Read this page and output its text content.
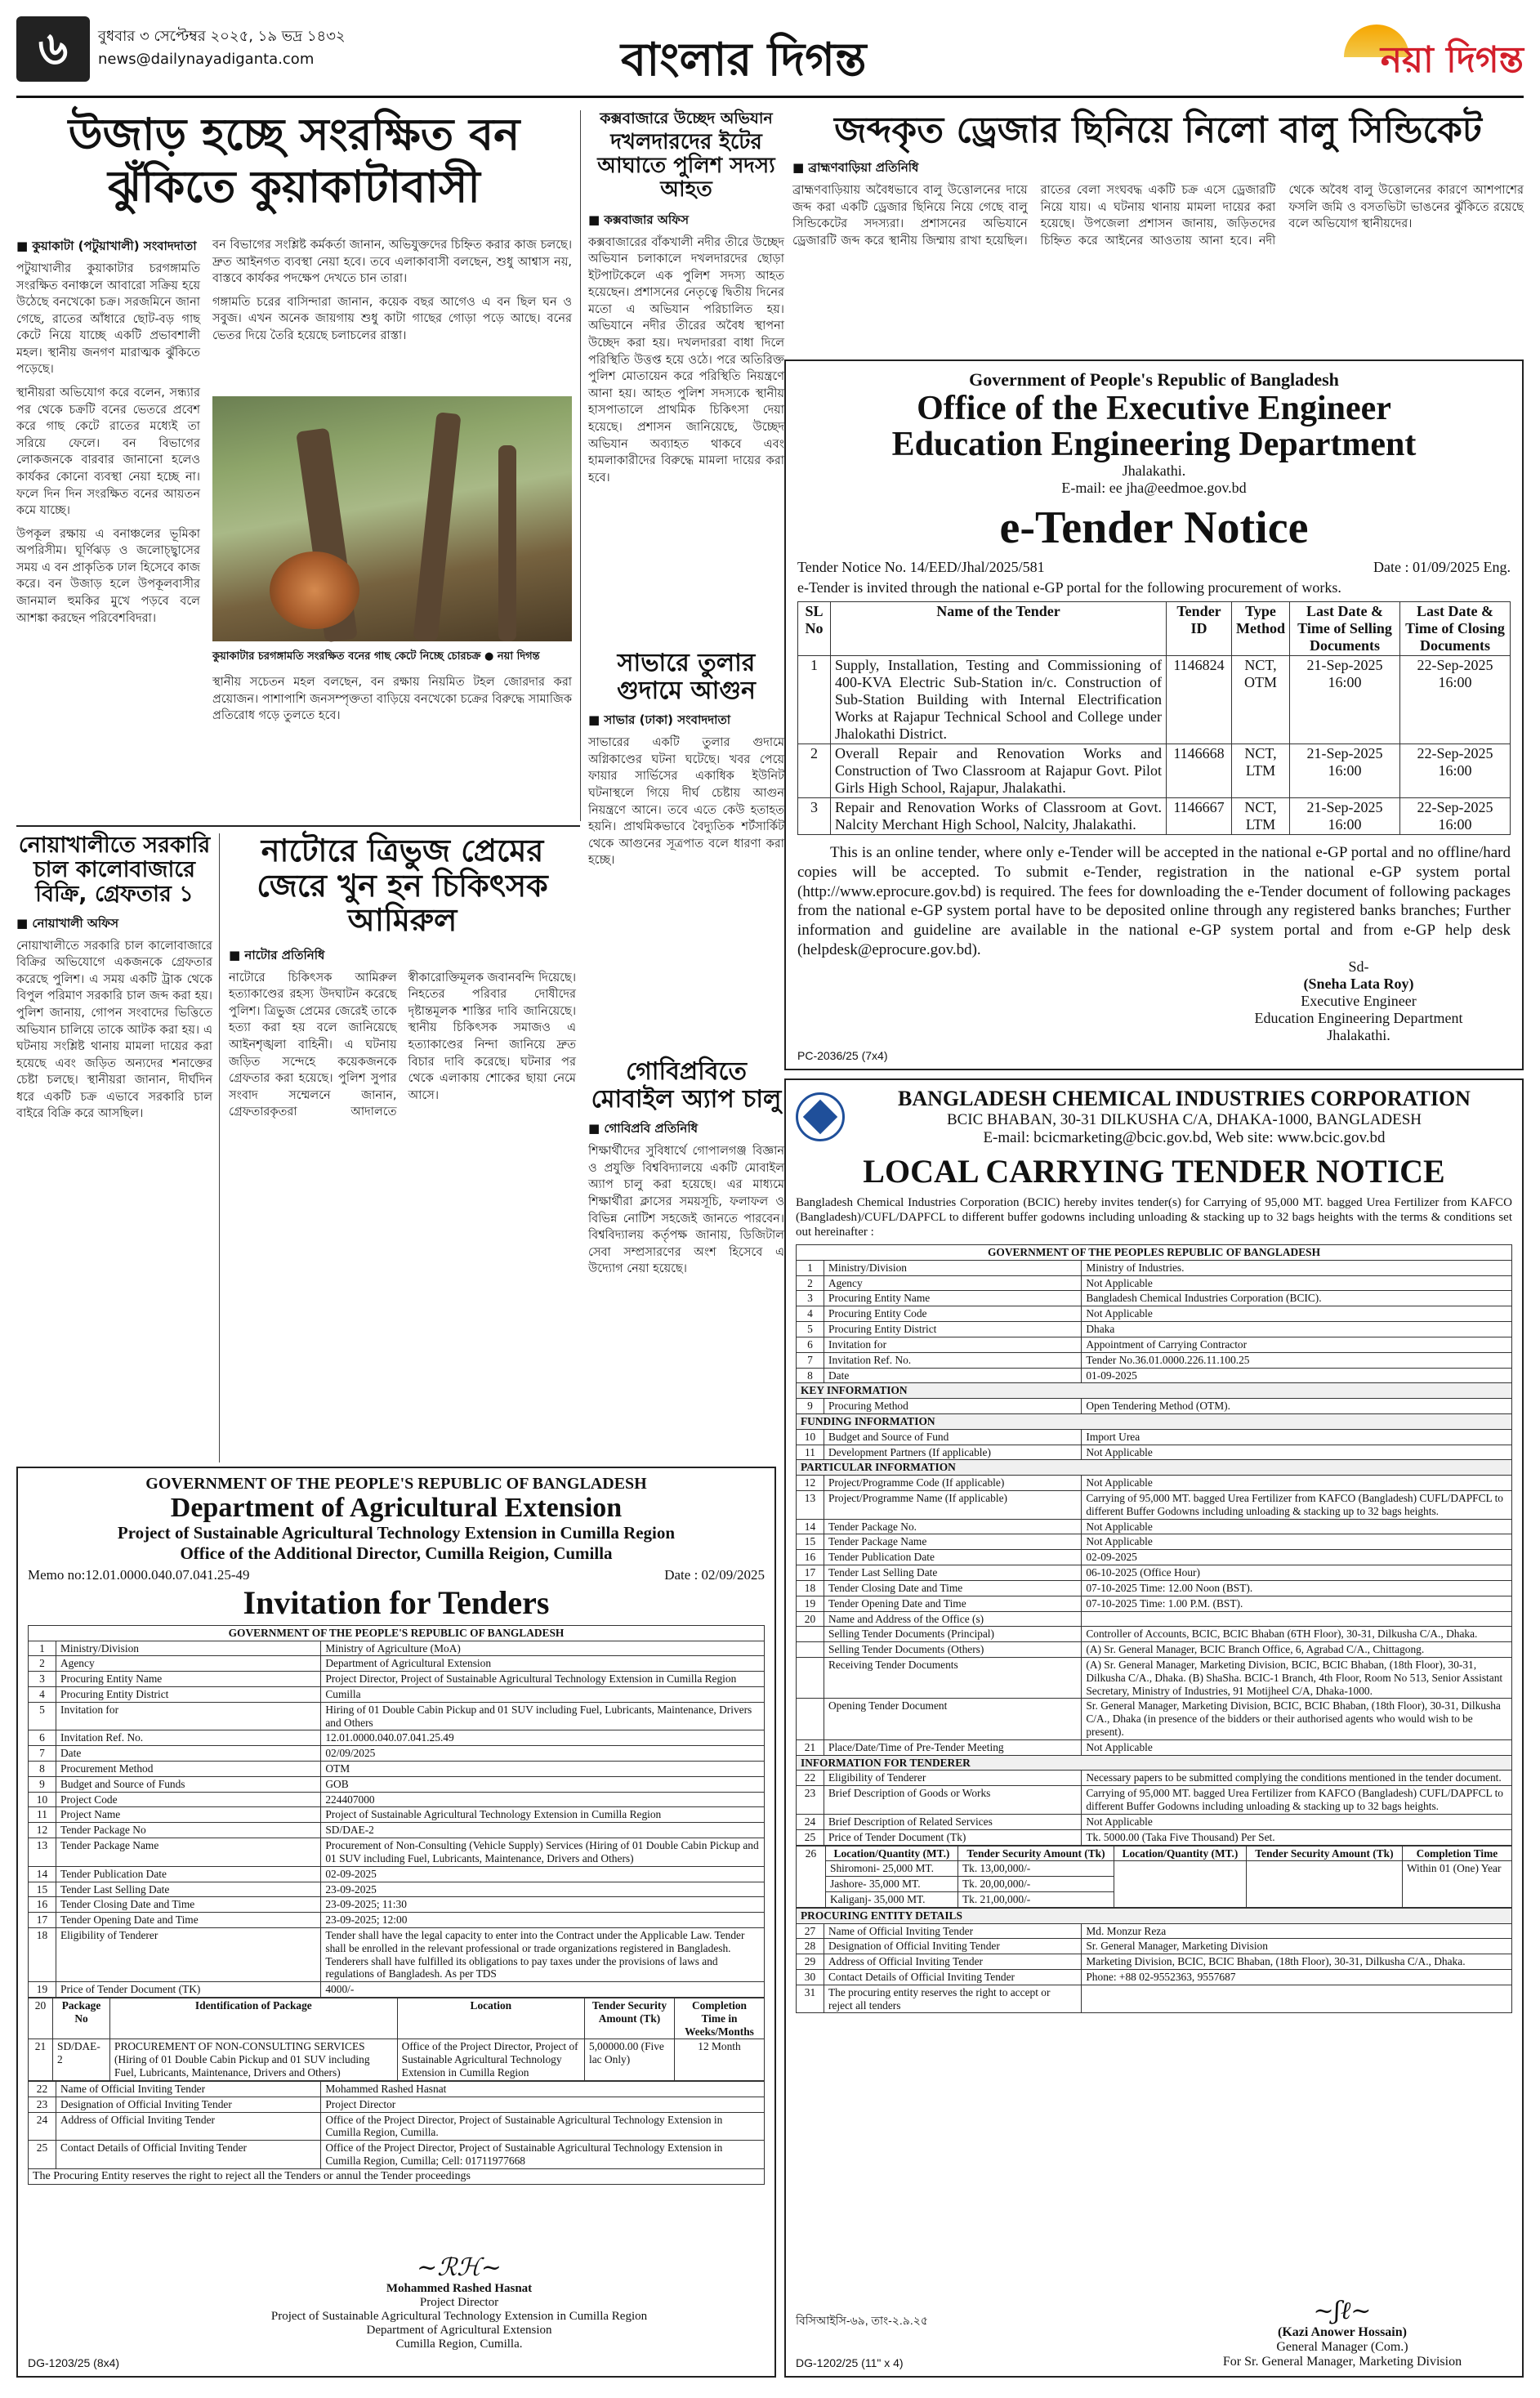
৬	বুধবার ৩ সেপ্টেম্বর ২০২৫, ১৯ ভদ্র ১৪৩২
news@dailynayadiganta.com	বাংলার দিগন্ত	নয়া দিগন্ত
উজাড় হচ্ছে সংরক্ষিত বন
ঝুঁকিতে কুয়াকাটাবাসী
■ কুয়াকাটা (পটুয়াখালী) সংবাদদাতা

পটুয়াখালীর কুয়াকাটার চরগঙ্গামতি সংরক্ষিত বনাঞ্চলে আবারো সক্রিয় হয়ে উঠেছে বনখেকো চক্র। সরজমিনে জানা গেছে, রাতের আঁধারে ছোট-বড় গাছ কেটে নিয়ে যাচ্ছে একটি প্রভাবশালী মহল। স্থানীয় জনগণ মারাত্মক ঝুঁকিতে পড়েছে।

স্থানীয়রা অভিযোগ করে বলেন, সন্ধ্যার পর থেকে চক্রটি বনের ভেতরে প্রবেশ করে গাছ কেটে রাতের মধ্যেই তা সরিয়ে ফেলে। বন বিভাগের লোকজনকে বারবার জানানো হলেও কার্যকর কোনো ব্যবস্থা নেয়া হচ্ছে না। ফলে দিন দিন সংরক্ষিত বনের আয়তন কমে যাচ্ছে।

উপকূল রক্ষায় এ বনাঞ্চলের ভূমিকা অপরিসীম। ঘূর্ণিঝড় ও জলোচ্ছ্বাসের সময় এ বন প্রাকৃতিক ঢাল হিসেবে কাজ করে। বন উজাড় হলে উপকূলবাসীর জানমাল হুমকির মুখে পড়বে বলে আশঙ্কা করছেন পরিবেশবিদরা।

বন বিভাগের সংশ্লিষ্ট কর্মকর্তা জানান, অভিযুক্তদের চিহ্নিত করার কাজ চলছে। দ্রুত আইনগত ব্যবস্থা নেয়া হবে। তবে এলাকাবাসী বলছেন, শুধু আশ্বাস নয়, বাস্তবে কার্যকর পদক্ষেপ দেখতে চান তারা।

গঙ্গামতি চরের বাসিন্দারা জানান, কয়েক বছর আগেও এ বন ছিল ঘন ও সবুজ। এখন অনেক জায়গায় শুধু কাটা গাছের গোড়া পড়ে আছে। বনের ভেতর দিয়ে তৈরি হয়েছে চলাচলের রাস্তা।

কুয়াকাটার চরগঙ্গামতি সংরক্ষিত বনের গাছ কেটে নিচ্ছে চোরচক্র ● নয়া দিগন্ত

স্থানীয় সচেতন মহল বলছেন, বন রক্ষায় নিয়মিত টহল জোরদার করা প্রয়োজন। পাশাপাশি জনসম্পৃক্ততা বাড়িয়ে বনখেকো চক্রের বিরুদ্ধে সামাজিক প্রতিরোধ গড়ে তুলতে হবে।

কক্সবাজারে উচ্ছেদ অভিযান
দখলদারদের ইটের আঘাতে পুলিশ সদস্য আহত
■ কক্সবাজার অফিস

কক্সবাজারের বাঁকখালী নদীর তীরে উচ্ছেদ অভিযান চলাকালে দখলদারদের ছোড়া ইটপাটকেলে এক পুলিশ সদস্য আহত হয়েছেন। প্রশাসনের নেতৃত্বে দ্বিতীয় দিনের মতো এ অভিযান পরিচালিত হয়। অভিযানে নদীর তীরের অবৈধ স্থাপনা উচ্ছেদ করা হয়। দখলদাররা বাধা দিলে পরিস্থিতি উত্তপ্ত হয়ে ওঠে। পরে অতিরিক্ত পুলিশ মোতায়েন করে পরিস্থিতি নিয়ন্ত্রণে আনা হয়। আহত পুলিশ সদস্যকে স্থানীয় হাসপাতালে প্রাথমিক চিকিৎসা দেয়া হয়েছে। প্রশাসন জানিয়েছে, উচ্ছেদ অভিযান অব্যাহত থাকবে এবং হামলাকারীদের বিরুদ্ধে মামলা দায়ের করা হবে।

সাভারে তুলার গুদামে আগুন
■ সাভার (ঢাকা) সংবাদদাতা

সাভারের একটি তুলার গুদামে অগ্নিকাণ্ডের ঘটনা ঘটেছে। খবর পেয়ে ফায়ার সার্ভিসের একাধিক ইউনিট ঘটনাস্থলে গিয়ে দীর্ঘ চেষ্টায় আগুন নিয়ন্ত্রণে আনে। তবে এতে কেউ হতাহত হয়নি। প্রাথমিকভাবে বৈদ্যুতিক শর্টসার্কিট থেকে আগুনের সূত্রপাত বলে ধারণা করা হচ্ছে।

গোবিপ্রবিতে মোবাইল অ্যাপ চালু
■ গোবিপ্রবি প্রতিনিধি

শিক্ষার্থীদের সুবিধার্থে গোপালগঞ্জ বিজ্ঞান ও প্রযুক্তি বিশ্ববিদ্যালয়ে একটি মোবাইল অ্যাপ চালু করা হয়েছে। এর মাধ্যমে শিক্ষার্থীরা ক্লাসের সময়সূচি, ফলাফল ও বিভিন্ন নোটিশ সহজেই জানতে পারবেন। বিশ্ববিদ্যালয় কর্তৃপক্ষ জানায়, ডিজিটাল সেবা সম্প্রসারণের অংশ হিসেবে এ উদ্যোগ নেয়া হয়েছে।

নোয়াখালীতে সরকারি চাল কালোবাজারে বিক্রি, গ্রেফতার ১
■ নোয়াখালী অফিস

নোয়াখালীতে সরকারি চাল কালোবাজারে বিক্রির অভিযোগে একজনকে গ্রেফতার করেছে পুলিশ। এ সময় একটি ট্রাক থেকে বিপুল পরিমাণ সরকারি চাল জব্দ করা হয়। পুলিশ জানায়, গোপন সংবাদের ভিত্তিতে অভিযান চালিয়ে তাকে আটক করা হয়। এ ঘটনায় সংশ্লিষ্ট থানায় মামলা দায়ের করা হয়েছে এবং জড়িত অন্যদের শনাক্তের চেষ্টা চলছে। স্থানীয়রা জানান, দীর্ঘদিন ধরে একটি চক্র এভাবে সরকারি চাল বাইরে বিক্রি করে আসছিল।

নাটোরে ত্রিভুজ প্রেমের জেরে খুন হন চিকিৎসক আমিরুল
■ নাটোর প্রতিনিধি

নাটোরে চিকিৎসক আমিরুল হত্যাকাণ্ডের রহস্য উদঘাটন করেছে পুলিশ। ত্রিভুজ প্রেমের জেরেই তাকে হত্যা করা হয় বলে জানিয়েছে আইনশৃঙ্খলা বাহিনী। এ ঘটনায় জড়িত সন্দেহে কয়েকজনকে গ্রেফতার করা হয়েছে। পুলিশ সুপার সংবাদ সম্মেলনে জানান, গ্রেফতারকৃতরা আদালতে স্বীকারোক্তিমূলক জবানবন্দি দিয়েছে। নিহতের পরিবার দোষীদের দৃষ্টান্তমূলক শাস্তির দাবি জানিয়েছে। স্থানীয় চিকিৎসক সমাজও এ হত্যাকাণ্ডের নিন্দা জানিয়ে দ্রুত বিচার দাবি করেছে। ঘটনার পর থেকে এলাকায় শোকের ছায়া নেমে আসে।

জব্দকৃত ড্রেজার ছিনিয়ে নিলো বালু সিন্ডিকেট
■ ব্রাহ্মণবাড়িয়া প্রতিনিধি

ব্রাহ্মণবাড়িয়ায় অবৈধভাবে বালু উত্তোলনের দায়ে জব্দ করা একটি ড্রেজার ছিনিয়ে নিয়ে গেছে বালু সিন্ডিকেটের সদস্যরা। প্রশাসনের অভিযানে ড্রেজারটি জব্দ করে স্থানীয় জিম্মায় রাখা হয়েছিল। রাতের বেলা সংঘবদ্ধ একটি চক্র এসে ড্রেজারটি নিয়ে যায়। এ ঘটনায় থানায় মামলা দায়ের করা হয়েছে। উপজেলা প্রশাসন জানায়, জড়িতদের চিহ্নিত করে আইনের আওতায় আনা হবে। নদী থেকে অবৈধ বালু উত্তোলনের কারণে আশপাশের ফসলি জমি ও বসতভিটা ভাঙনের ঝুঁকিতে রয়েছে বলে অভিযোগ স্থানীয়দের।

Government of People's Republic of Bangladesh
Office of the Executive Engineer
Education Engineering Department
Jhalakathi.
E-mail: ee jha@eedmoe.gov.bd
e-Tender Notice
Tender Notice No. 14/EED/Jhal/2025/581	Date : 01/09/2025 Eng.
e-Tender is invited through the national e-GP portal for the following procurement of works.
SL No	Name of the Tender	Tender ID	Type Method	Last Date & Time of Selling Documents	Last Date & Time of Closing Documents
1	Supply, Installation, Testing and Commissioning of 400-KVA Electric Sub-Station in/c. Construction of Sub-Station Building with Internal Electrification Works at Rajapur Technical School and College under Jhalokathi District.	1146824	NCT, OTM	21-Sep-2025 16:00	22-Sep-2025 16:00
2	Overall Repair and Renovation Works and Construction of Two Classroom at Rajapur Govt. Pilot Girls High School, Rajapur, Jhalakathi.	1146668	NCT, LTM	21-Sep-2025 16:00	22-Sep-2025 16:00
3	Repair and Renovation Works of Classroom at Govt. Nalcity Merchant High School, Nalcity, Jhalakathi.	1146667	NCT, LTM	21-Sep-2025 16:00	22-Sep-2025 16:00

This is an online tender, where only e-Tender will be accepted in the national e-GP portal and no offline/hard copies will be accepted. To submit e-Tender, registration in the national e-GP system portal (http://www.eprocure.gov.bd) is required. The fees for downloading the e-Tender document of following packages from the national e-GP system portal have to be deposited online through any registered banks branches; Further information and guideline are available in the national e-GP system portal and from e-GP help desk (helpdesk@eprocure.gov.bd).

Sd-
(Sneha Lata Roy)
Executive Engineer
Education Engineering Department
Jhalakathi.
PC-2036/25 (7x4)
BANGLADESH CHEMICAL INDUSTRIES CORPORATION
BCIC BHABAN, 30-31 DILKUSHA C/A, DHAKA-1000, BANGLADESH
E-mail: bcicmarketing@bcic.gov.bd, Web site: www.bcic.gov.bd
LOCAL CARRYING TENDER NOTICE

Bangladesh Chemical Industries Corporation (BCIC) hereby invites tender(s) for Carrying of 95,000 MT. bagged Urea Fertilizer from KAFCO (Bangladesh)/CUFL/DAPFCL to different buffer godowns including unloading & stacking up to 32 bags heights with the terms & conditions set out hereinafter :

GOVERNMENT OF THE PEOPLES REPUBLIC OF BANGLADESH		
1	Ministry/Division	Ministry of Industries.
2	Agency	Not Applicable
3	Procuring Entity Name	Bangladesh Chemical Industries Corporation (BCIC).
4	Procuring Entity Code	Not Applicable
5	Procuring Entity District	Dhaka
6	Invitation for	Appointment of Carrying Contractor
7	Invitation Ref. No.	Tender No.36.01.0000.226.11.100.25
8	Date	01-09-2025
KEY INFORMATION		
9	Procuring Method	Open Tendering Method (OTM).
FUNDING INFORMATION		
10	Budget and Source of Fund	Import Urea
11	Development Partners (If applicable)	Not Applicable
PARTICULAR INFORMATION		
12	Project/Programme Code (If applicable)	Not Applicable
13	Project/Programme Name (If applicable)	Carrying of 95,000 MT. bagged Urea Fertilizer from KAFCO (Bangladesh) CUFL/DAPFCL to different Buffer Godowns including unloading & stacking up to 32 bags heights.
14	Tender Package No.	Not Applicable
15	Tender Package Name	Not Applicable
16	Tender Publication Date	02-09-2025
17	Tender Last Selling Date	06-10-2025 (Office Hour)
18	Tender Closing Date and Time	07-10-2025 Time: 12.00 Noon (BST).
19	Tender Opening Date and Time	07-10-2025 Time: 1.00 P.M. (BST).
20	Name and Address of the Office (s)	
	Selling Tender Documents (Principal)	Controller of Accounts, BCIC, BCIC Bhaban (6TH Floor), 30-31, Dilkusha C/A., Dhaka.
	Selling Tender Documents (Others)	(A) Sr. General Manager, BCIC Branch Office, 6, Agrabad C/A., Chittagong.
	Receiving Tender Documents	(A) Sr. General Manager, Marketing Division, BCIC, BCIC Bhaban, (18th Floor), 30-31, Dilkusha C/A., Dhaka. (B) ShaSha. BCIC-1 Branch, 4th Floor, Room No 513, Senior Assistant Secretary, Ministry of Industries, 91 Motijheel C/A, Dhaka-1000.
	Opening Tender Document	Sr. General Manager, Marketing Division, BCIC, BCIC Bhaban, (18th Floor), 30-31, Dilkusha C/A., Dhaka (in presence of the bidders or their authorised agents who would wish to be present).
21	Place/Date/Time of Pre-Tender Meeting	Not Applicable
INFORMATION FOR TENDERER		
22	Eligibility of Tenderer	Necessary papers to be submitted complying the conditions mentioned in the tender document.
23	Brief Description of Goods or Works	Carrying of 95,000 MT. bagged Urea Fertilizer from KAFCO (Bangladesh) CUFL/DAPFCL to different Buffer Godowns including unloading & stacking up to 32 bags heights.
24	Brief Description of Related Services	Not Applicable
25	Price of Tender Document (Tk)	Tk. 5000.00 (Taka Five Thousand) Per Set.
26	Location/Quantity (MT.)	Tender Security Amount (Tk)	Location/Quantity (MT.)	Tender Security Amount (Tk)	Completion Time
	Shiromoni- 25,000 MT.	Tk. 13,00,000/-			Within 01 (One) Year
	Jashore- 35,000 MT.	Tk. 20,00,000/-			
	Kaliganj- 35,000 MT.	Tk. 21,00,000/-			
PROCURING ENTITY DETAILS		
27	Name of Official Inviting Tender	Md. Monzur Reza
28	Designation of Official Inviting Tender	Sr. General Manager, Marketing Division
29	Address of Official Inviting Tender	Marketing Division, BCIC, BCIC Bhaban, (18th Floor), 30-31, Dilkusha C/A., Dhaka.
30	Contact Details of Official Inviting Tender	Phone: +88 02-9552363, 9557687
31	The procuring entity reserves the right to accept or reject all tenders	
বিসিআইসি-৬৯, তাং-২.৯.২৫	~ʃℓ~
(Kazi Anower Hossain)
General Manager (Com.)
For Sr. General Manager, Marketing Division
DG-1202/25 (11" x 4)
GOVERNMENT OF THE PEOPLE'S REPUBLIC OF BANGLADESH
Department of Agricultural Extension
Project of Sustainable Agricultural Technology Extension in Cumilla Region
Office of the Additional Director, Cumilla Reigion, Cumilla
Memo no:12.01.0000.040.07.041.25-49	Date : 02/09/2025
Invitation for Tenders
GOVERNMENT OF THE PEOPLE'S REPUBLIC OF BANGLADESH		
1	Ministry/Division	Ministry of Agriculture (MoA)
2	Agency	Department of Agricultural Extension
3	Procuring Entity Name	Project Director, Project of Sustainable Agricultural Technology Extension in Cumilla Region
4	Procuring Entity District	Cumilla
5	Invitation for	Hiring of 01 Double Cabin Pickup and 01 SUV including Fuel, Lubricants, Maintenance, Drivers and Others
6	Invitation Ref. No.	12.01.0000.040.07.041.25.49
7	Date	02/09/2025
8	Procurement Method	OTM
9	Budget and Source of Funds	GOB
10	Project Code	224407000
11	Project Name	Project of Sustainable Agricultural Technology Extension in Cumilla Region
12	Tender Package No	SD/DAE-2
13	Tender Package Name	Procurement of Non-Consulting (Vehicle Supply) Services (Hiring of 01 Double Cabin Pickup and 01 SUV including Fuel, Lubricants, Maintenance, Drivers and Others)
14	Tender Publication Date	02-09-2025
15	Tender Last Selling Date	23-09-2025
16	Tender Closing Date and Time	23-09-2025; 11:30
17	Tender Opening Date and Time	23-09-2025; 12:00
18	Eligibility of Tenderer	Tender shall have the legal capacity to enter into the Contract under the Applicable Law. Tender shall be enrolled in the relevant professional or trade organizations registered in Bangladesh. Tenderers shall have fulfilled its obligations to pay taxes under the provisions of laws and regulations of Bangladesh. As per TDS
19	Price of Tender Document (TK)	4000/-
20	Package No	Identification of Package	Location	Tender Security Amount (Tk)	Completion Time in Weeks/Months
21	SD/DAE-2	PROCUREMENT OF NON-CONSULTING SERVICES (Hiring of 01 Double Cabin Pickup and 01 SUV including Fuel, Lubricants, Maintenance, Drivers and Others)	Office of the Project Director, Project of Sustainable Agricultural Technology Extension in Cumilla Region	5,00000.00 (Five lac Only)	12 Month
22	Name of Official Inviting Tender	Mohammed Rashed Hasnat
23	Designation of Official Inviting Tender	Project Director
24	Address of Official Inviting Tender	Office of the Project Director, Project of Sustainable Agricultural Technology Extension in Cumilla Region, Cumilla.
25	Contact Details of Official Inviting Tender	Office of the Project Director, Project of Sustainable Agricultural Technology Extension in Cumilla Region, Cumilla; Cell: 01711977668
The Procuring Entity reserves the right to reject all the Tenders or annul the Tender proceedings
~ℛℋ~
Mohammed Rashed Hasnat
Project Director
Project of Sustainable Agricultural Technology Extension in Cumilla Region
Department of Agricultural Extension
Cumilla Region, Cumilla.
DG-1203/25 (8x4)
